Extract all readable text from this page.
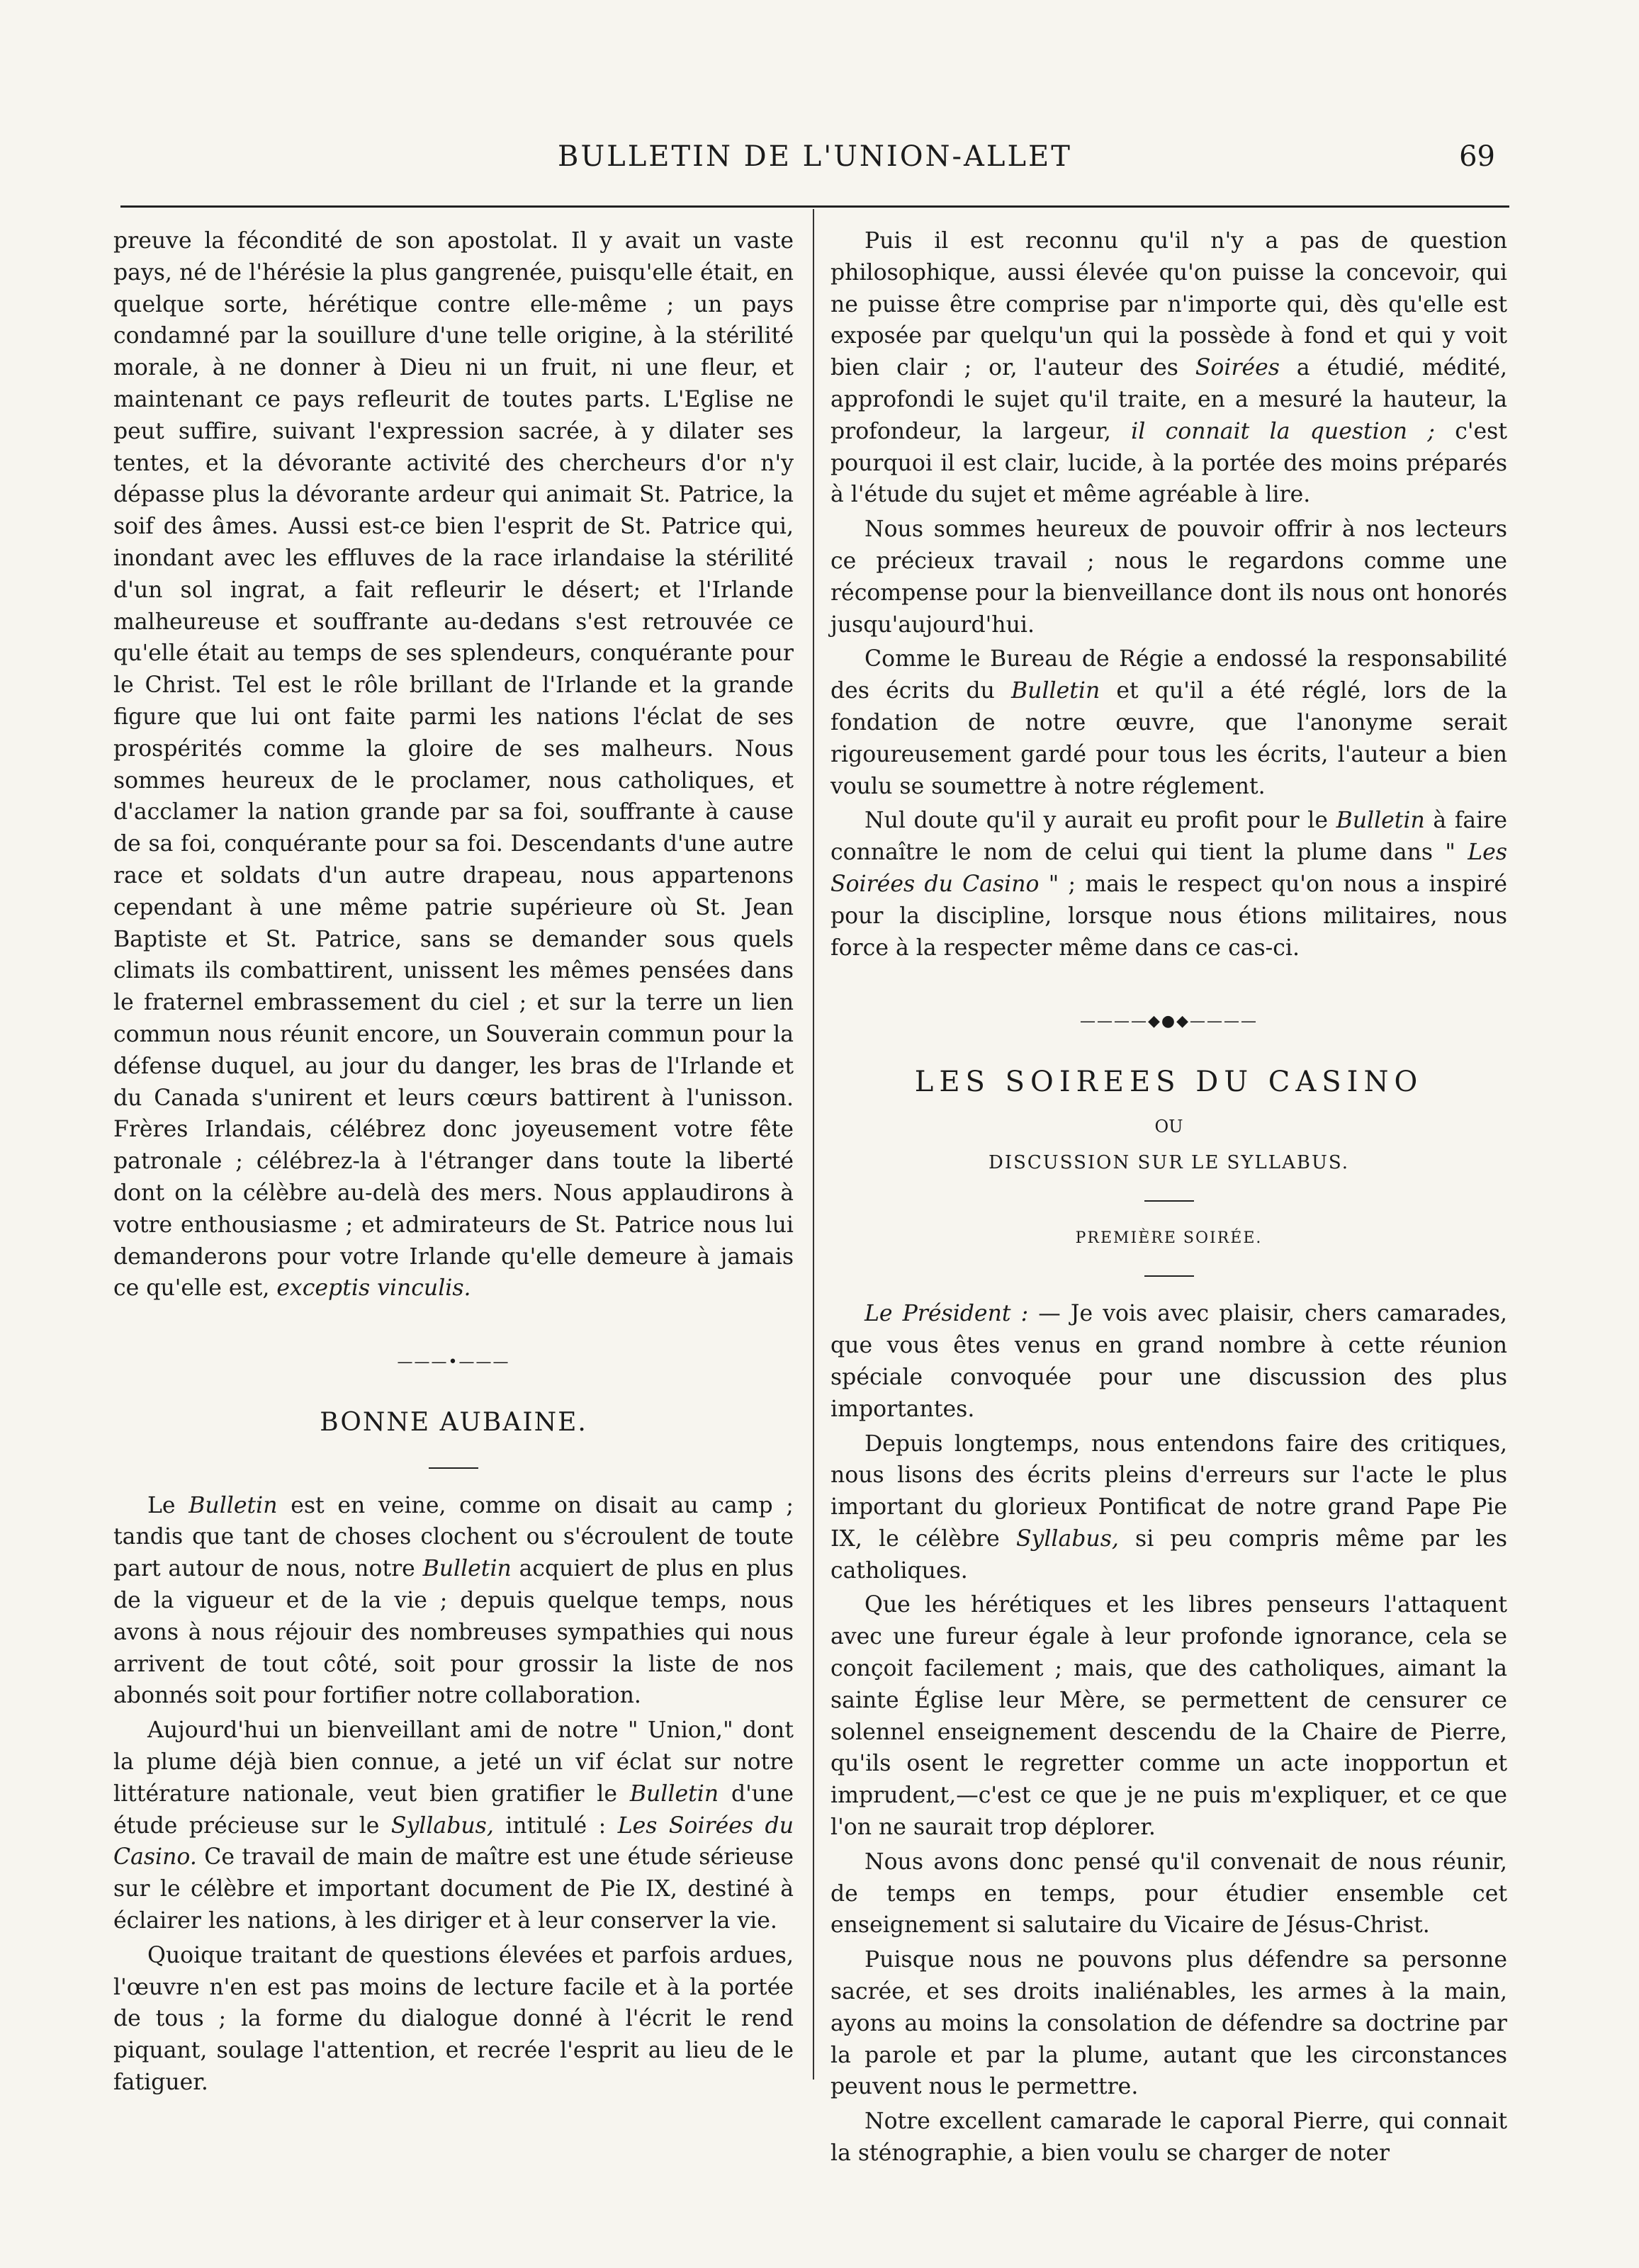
BULLETIN DE L'UNION-ALLET	69

preuve la fécondité de son apostolat. Il y avait un vaste pays, né de l'hérésie la plus gangrenée, puisqu'elle était, en quelque sorte, hérétique contre elle-même ; un pays condamné par la souillure d'une telle origine, à la stérilité morale, à ne donner à Dieu ni un fruit, ni une fleur, et maintenant ce pays refleurit de toutes parts. L'Eglise ne peut suffire, suivant l'expression sacrée, à y dilater ses tentes, et la dévorante activité des chercheurs d'or n'y dépasse plus la dévorante ardeur qui animait St. Patrice, la soif des âmes. Aussi est-ce bien l'esprit de St. Patrice qui, inondant avec les effluves de la race irlandaise la stérilité d'un sol ingrat, a fait refleurir le désert; et l'Irlande malheureuse et souffrante au-dedans s'est retrouvée ce qu'elle était au temps de ses splendeurs, conquérante pour le Christ. Tel est le rôle brillant de l'Irlande et la grande figure que lui ont faite parmi les nations l'éclat de ses prospérités comme la gloire de ses malheurs. Nous sommes heureux de le proclamer, nous catholiques, et d'acclamer la nation grande par sa foi, souffrante à cause de sa foi, conquérante pour sa foi. Descendants d'une autre race et soldats d'un autre drapeau, nous appartenons cependant à une même patrie supérieure où St. Jean Baptiste et St. Patrice, sans se demander sous quels climats ils combattirent, unissent les mêmes pensées dans le fraternel embrassement du ciel ; et sur la terre un lien commun nous réunit encore, un Souverain commun pour la défense duquel, au jour du danger, les bras de l'Irlande et du Canada s'unirent et leurs cœurs battirent à l'unisson. Frères Irlandais, célébrez donc joyeusement votre fête patronale ; célébrez-la à l'étranger dans toute la liberté dont on la célèbre au-delà des mers. Nous applaudirons à votre enthousiasme ; et admirateurs de St. Patrice nous lui demanderons pour votre Irlande qu'elle demeure à jamais ce qu'elle est, exceptis vinculis.

———•———
BONNE AUBAINE.

Le Bulletin est en veine, comme on disait au camp ; tandis que tant de choses clochent ou s'écroulent de toute part autour de nous, notre Bulletin acquiert de plus en plus de la vigueur et de la vie ; depuis quelque temps, nous avons à nous réjouir des nombreuses sympathies qui nous arrivent de tout côté, soit pour grossir la liste de nos abonnés soit pour fortifier notre collaboration.

Aujourd'hui un bienveillant ami de notre " Union," dont la plume déjà bien connue, a jeté un vif éclat sur notre littérature nationale, veut bien gratifier le Bulletin d'une étude précieuse sur le Syllabus, intitulé : Les Soirées du Casino. Ce travail de main de maître est une étude sérieuse sur le célèbre et important document de Pie IX, destiné à éclairer les nations, à les diriger et à leur conserver la vie.

Quoique traitant de questions élevées et parfois ardues, l'œuvre n'en est pas moins de lecture facile et à la portée de tous ; la forme du dialogue donné à l'écrit le rend piquant, soulage l'attention, et recrée l'esprit au lieu de le fatiguer.

Puis il est reconnu qu'il n'y a pas de question philosophique, aussi élevée qu'on puisse la concevoir, qui ne puisse être comprise par n'importe qui, dès qu'elle est exposée par quelqu'un qui la possède à fond et qui y voit bien clair ; or, l'auteur des Soirées a étudié, médité, approfondi le sujet qu'il traite, en a mesuré la hauteur, la profondeur, la largeur, il connait la question ; c'est pourquoi il est clair, lucide, à la portée des moins préparés à l'étude du sujet et même agréable à lire.

Nous sommes heureux de pouvoir offrir à nos lecteurs ce précieux travail ; nous le regardons comme une récompense pour la bienveillance dont ils nous ont honorés jusqu'aujourd'hui.

Comme le Bureau de Régie a endossé la responsabilité des écrits du Bulletin et qu'il a été réglé, lors de la fondation de notre œuvre, que l'anonyme serait rigoureusement gardé pour tous les écrits, l'auteur a bien voulu se soumettre à notre réglement.

Nul doute qu'il y aurait eu profit pour le Bulletin à faire connaître le nom de celui qui tient la plume dans " Les Soirées du Casino " ; mais le respect qu'on nous a inspiré pour la discipline, lorsque nous étions militaires, nous force à la respecter même dans ce cas-ci.

————◆●◆————
LES SOIREES DU CASINO
OU
DISCUSSION SUR LE SYLLABUS.
PREMIÈRE SOIRÉE.

Le Président : — Je vois avec plaisir, chers camarades, que vous êtes venus en grand nombre à cette réunion spéciale convoquée pour une discussion des plus importantes.

Depuis longtemps, nous entendons faire des critiques, nous lisons des écrits pleins d'erreurs sur l'acte le plus important du glorieux Pontificat de notre grand Pape Pie IX, le célèbre Syllabus, si peu compris même par les catholiques.

Que les hérétiques et les libres penseurs l'attaquent avec une fureur égale à leur profonde ignorance, cela se conçoit facilement ; mais, que des catholiques, aimant la sainte Église leur Mère, se permettent de censurer ce solennel enseignement descendu de la Chaire de Pierre, qu'ils osent le regretter comme un acte inopportun et imprudent,—c'est ce que je ne puis m'expliquer, et ce que l'on ne saurait trop déplorer.

Nous avons donc pensé qu'il convenait de nous réunir, de temps en temps, pour étudier ensemble cet enseignement si salutaire du Vicaire de Jésus-Christ.

Puisque nous ne pouvons plus défendre sa personne sacrée, et ses droits inaliénables, les armes à la main, ayons au moins la consolation de défendre sa doctrine par la parole et par la plume, autant que les circonstances peuvent nous le permettre.

Notre excellent camarade le caporal Pierre, qui connait la sténographie, a bien voulu se charger de noter
